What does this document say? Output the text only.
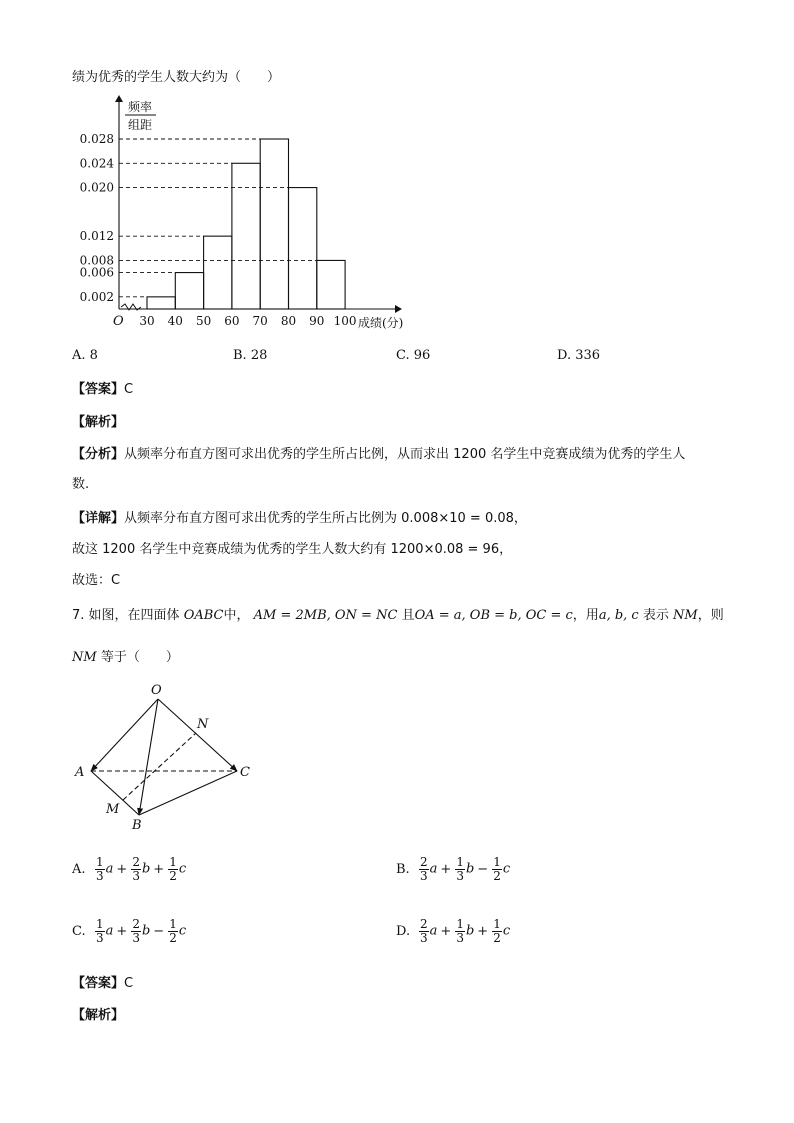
绩为优秀的学生人数大约为（　　）
0.028
0.024
0.020
0.012
0.008
0.006
0.002
30 40 50 60 70 80 90 100
O	成绩(分)
频率
组距
A. 8	B. 28	C. 96	D. 336
【答案】C
【解析】
【分析】从频率分布直方图可求出优秀的学生所占比例，从而求出 1200 名学生中竞赛成绩为优秀的学生人
数.
【详解】从频率分布直方图可求出优秀的学生所占比例为 0.008×10 = 0.08，
故这 1200 名学生中竞赛成绩为优秀的学生人数大约有 1200×0.08 = 96，
故选：C
7. 如图，在四面体 OABC中， AM = 2MB, ON = NC 且OA = a, OB = b, OC = c，用a, b, c 表示 NM，则
NM 等于（　　）
O
N
A	C
M
B
A. $\frac{1}{3}$ $a + \frac{2}{3}$ $b + \frac{1}{2}$ c	B. $\frac{2}{3}$ $a + \frac{1}{3}$ $b - \frac{1}{2}$ c
C. $\frac{1}{3}$ $a + \frac{2}{3}$ $b - \frac{1}{2}$ c	D. $\frac{2}{3}$ $a + \frac{1}{3}$ $b + \frac{1}{2}$ c
【答案】C
【解析】
